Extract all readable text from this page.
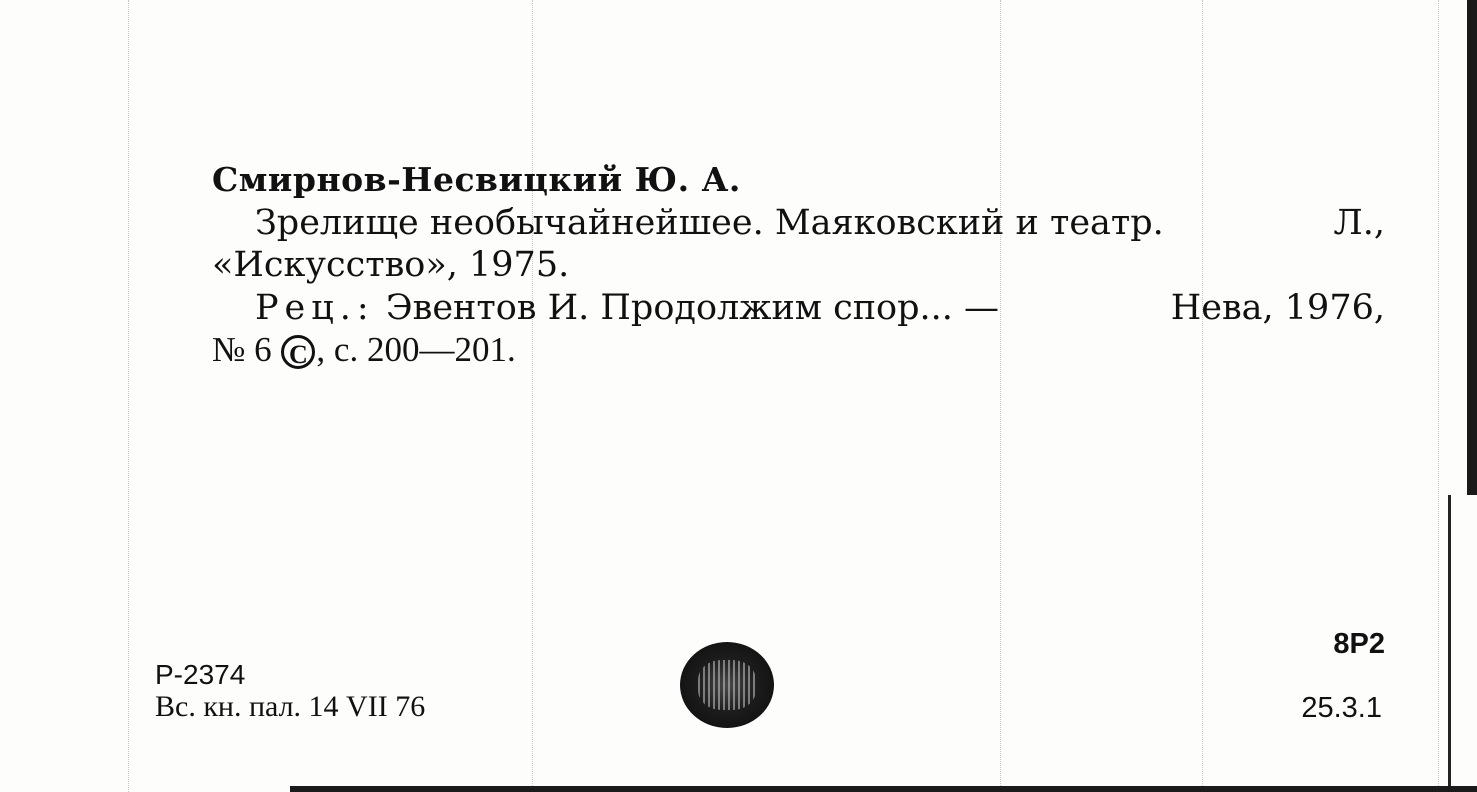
Смирнов-Несвицкий Ю. А.
Зрелище необычайнейшее. Маяковский и театр.	Л.,
«Искусство», 1975.
Рец.: Эвентов И. Продолжим спор... —	Нева, 1976,
№ 6 C , с. 200—201.
Р-2374
Вс. кн. пал. 14 VII 76
8Р2
25.3.1
